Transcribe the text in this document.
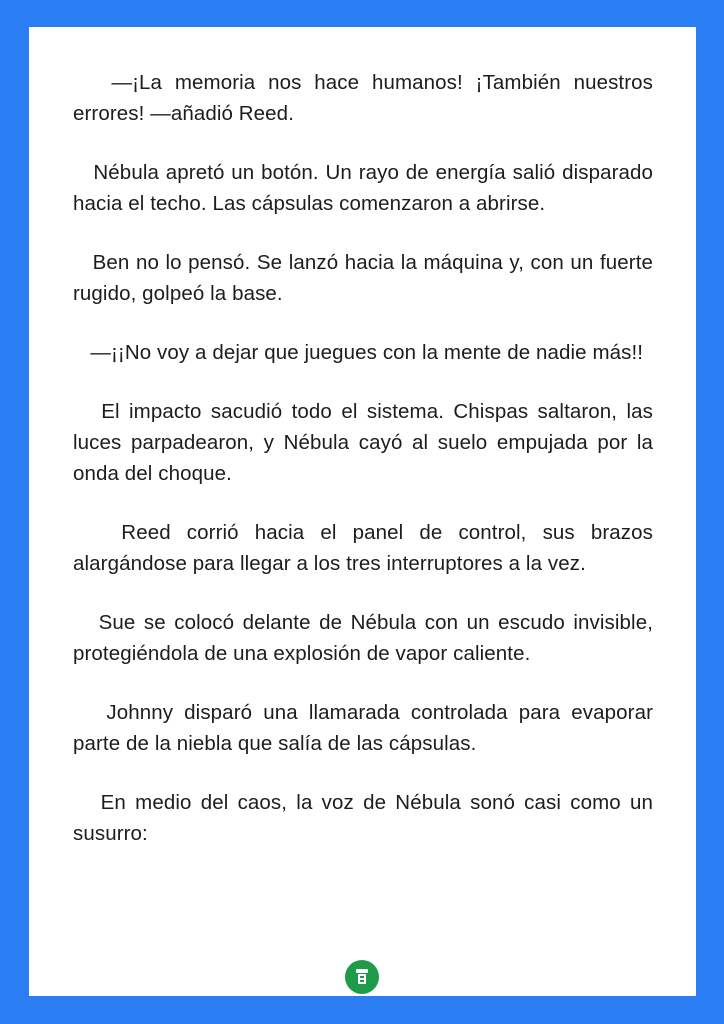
—¡La memoria nos hace humanos! ¡También nuestros errores! —añadió Reed.

Nébula apretó un botón. Un rayo de energía salió disparado hacia el techo. Las cápsulas comenzaron a abrirse.

Ben no lo pensó. Se lanzó hacia la máquina y, con un fuerte rugido, golpeó la base.

—¡¡No voy a dejar que juegues con la mente de nadie más!!

El impacto sacudió todo el sistema. Chispas saltaron, las luces parpadearon, y Nébula cayó al suelo empujada por la onda del choque.

Reed corrió hacia el panel de control, sus brazos alargándose para llegar a los tres interruptores a la vez.

Sue se colocó delante de Nébula con un escudo invisible, protegiéndola de una explosión de vapor caliente.

Johnny disparó una llamarada controlada para evaporar parte de la niebla que salía de las cápsulas.

En medio del caos, la voz de Nébula sonó casi como un susurro:
